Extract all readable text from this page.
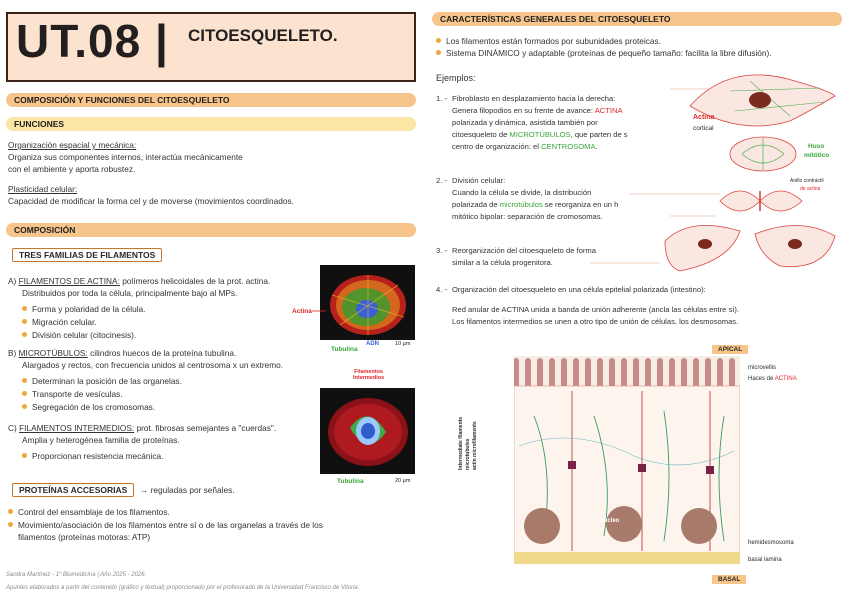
UT.08 | CITOESQUELETO.
COMPOSICIÓN Y FUNCIONES DEL CITOESQUELETO
FUNCIONES
Organización espacial y mecánica:
Organiza sus componentes internos, interactúa mecánicamente
con el ambiente y aporta robustez.
Plasticidad celular:
Capacidad de modificar la forma cel y de moverse (movimientos coordinados.
COMPOSICIÓN
TRES FAMILIAS DE FILAMENTOS
A) FILAMENTOS DE ACTINA: polímeros helicoidales de la prot. actina.
Distribuidos por toda la célula, principalmente bajo al MPs.
Forma y polaridad de la célula.
Migración celular.
División celular (citocinesis).
B) MICROTÚBULOS: cilindros huecos de la proteína tubulina.
Alargados y rectos, con frecuencia unidos al centrosoma x un extremo.
Determinan la posición de las organelas.
Transporte de vesículas.
Segregación de los cromosomas.
C) FILAMENTOS INTERMEDIOS: prot. fibrosas semejantes a "cuerdas".
Amplia y heterogénea familia de proteínas.
Proporcionan resistencia mecánica.
PROTEÍNAS ACCESORIAS	→ reguladas por señales.
Control del ensamblaje de los filamentos.
Movimiento/asociación de los filamentos entre sí o de las organelas a través de los
filamentos (proteínas motoras: ATP)
Actina
Tubulina
ADN	10 µm
Filamentos
Intermedios
Tubulina	20 µm
Sandra Martínez - 1º Biomedicina | Año 2025 - 2026.
Apuntes elaborados a partir del contenido (gráfico y textual) proporcionado por el profesorado de la Universidad Francisco de Vitoria.
CARACTERÍSTICAS GENERALES DEL CITOESQUELETO
Los filamentos están formados por subunidades proteicas.
Sistema DINÁMICO y adaptable (proteínas de pequeño tamaño: facilita la libre difusión).
Ejemplos:
1. - Fibroblasto en desplazamiento hacia la derecha:
Genera filopodios en su frente de avance: ACTINA
polarizada y dinámica, asistida también por
citoesqueleto de MICROTÚBULOS, que parten de s
centro de organización: el CENTROSOMA.
2. - División celular:
Cuando la célula se divide, la distribución
polarizada de microtúbulos se reorganiza en un h
mitótico bipolar: separación de cromosomas.
3. - Reorganización del citoesqueleto de forma
similar a la célula progenitora.
4. - Organización del citoesqueleto en una célula epitelial polarizada (intestino):
Red anular de ACTINA unida a banda de unión adherente (ancla las células entre sí).
Los filamentos intermedios se unen a otro tipo de unión de células, los desmosomas.
Actina
cortical
Huso
mitótico
Anillo contráctil
de actina
APICAL
BASAL
núcleo
microvellis
Haces de ACTINA
hemidesmosoma
basal lamina
Intermediate filaments microtubules actin microfilaments
